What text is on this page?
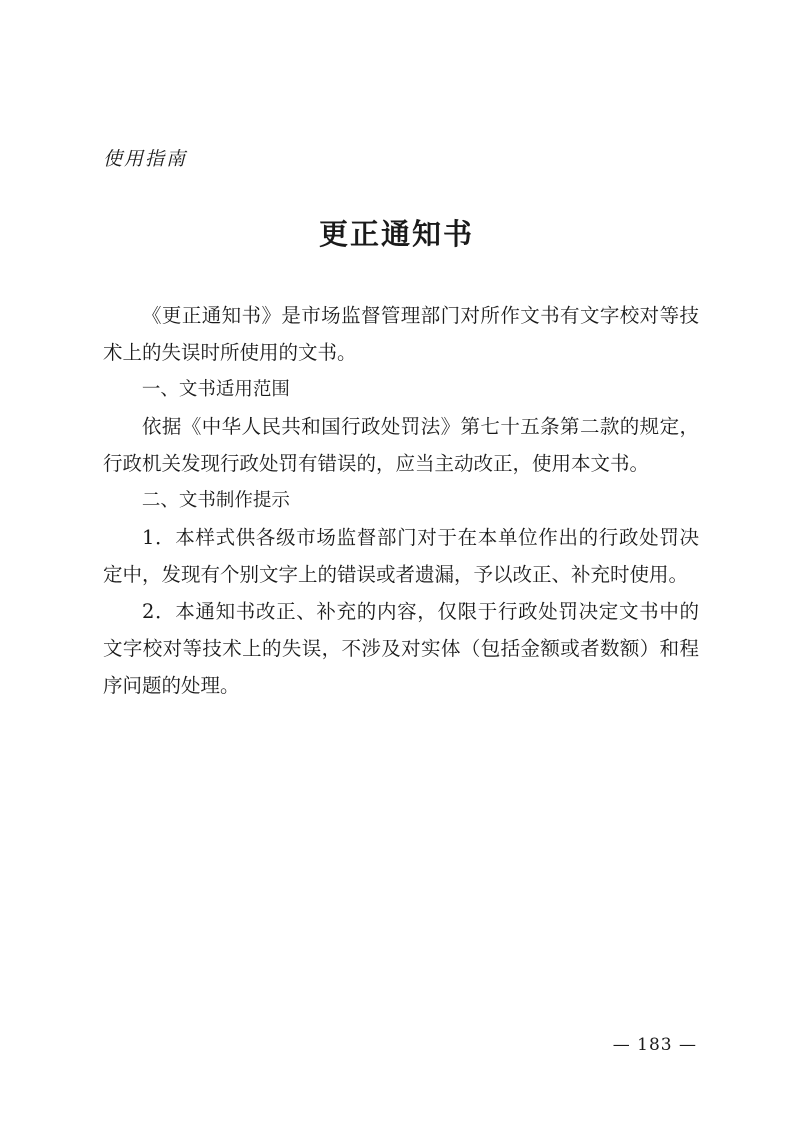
使用指南
更正通知书

《更正通知书》是市场监督管理部门对所作文书有文字校对等技术上的失误时所使用的文书。

一、文书适用范围

依据《中华人民共和国行政处罚法》第七十五条第二款的规定，行政机关发现行政处罚有错误的，应当主动改正，使用本文书。

二、文书制作提示

1．本样式供各级市场监督部门对于在本单位作出的行政处罚决定中，发现有个别文字上的错误或者遗漏，予以改正、补充时使用。

2．本通知书改正、补充的内容，仅限于行政处罚决定文书中的文字校对等技术上的失误，不涉及对实体（包括金额或者数额）和程序问题的处理。

— 183 —
